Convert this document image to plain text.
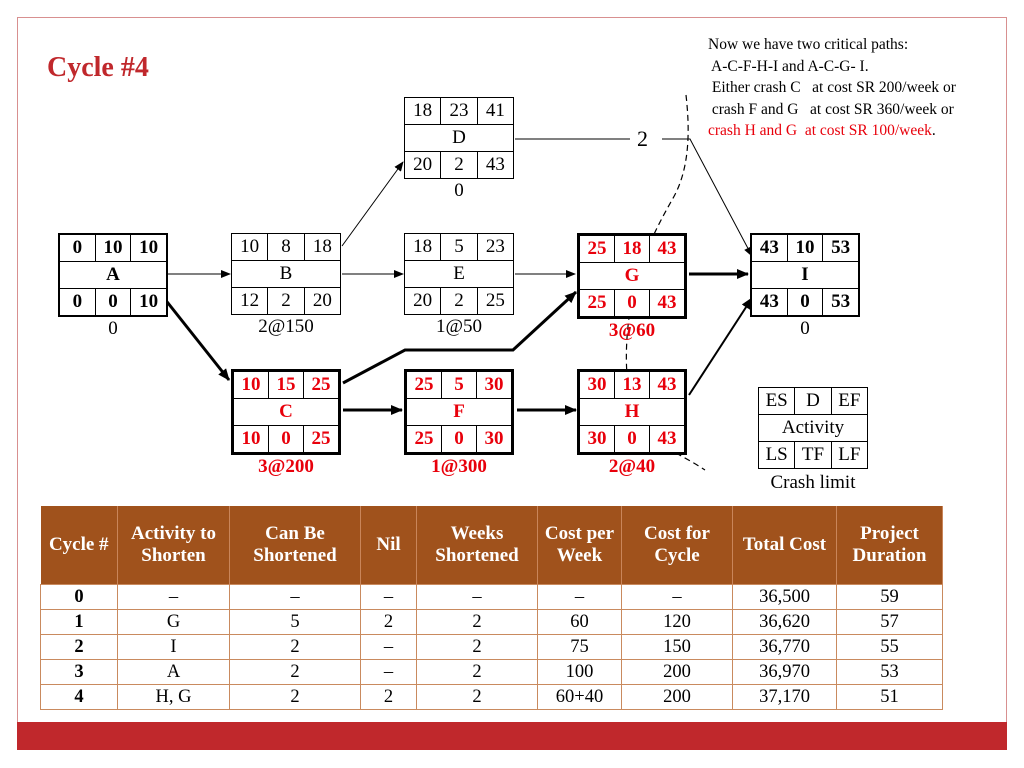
Cycle #4
Now we have two critical paths:
A-C-F-H-I and A-C-G- I.
Either crash C   at cost SR 200/week or
crash F and G   at cost SR 360/week or
crash H and G  at cost SR 100/week.
2
0	10 10
A
0	0	10
0
10	8	18
B
12	2	20
2@150
18 23 41
D
20	2	43
0
18	5	23
E
20	2	25
1@50
25 18 43
G
25	0	43
3@60
43 10 53
I
43	0	53
0
10 15 25
C
10	0	25
3@200
25	5	30
F
25	0	30
1@300
30 13 43
H
30	0	43
2@40
ES D EF
Activity
LS TF LF
Crash limit
Cycle #	Activity to Shorten	Can Be Shortened	Nil	Weeks Shortened	Cost per Week	Cost for Cycle	Total Cost	Project Duration
0	–	–	–	–	–	–	36,500	59
1	G	5	2	2	60	120	36,620	57
2	I	2	–	2	75	150	36,770	55
3	A	2	–	2	100	200	36,970	53
4	H, G	2	2	2	60+40	200	37,170	51
